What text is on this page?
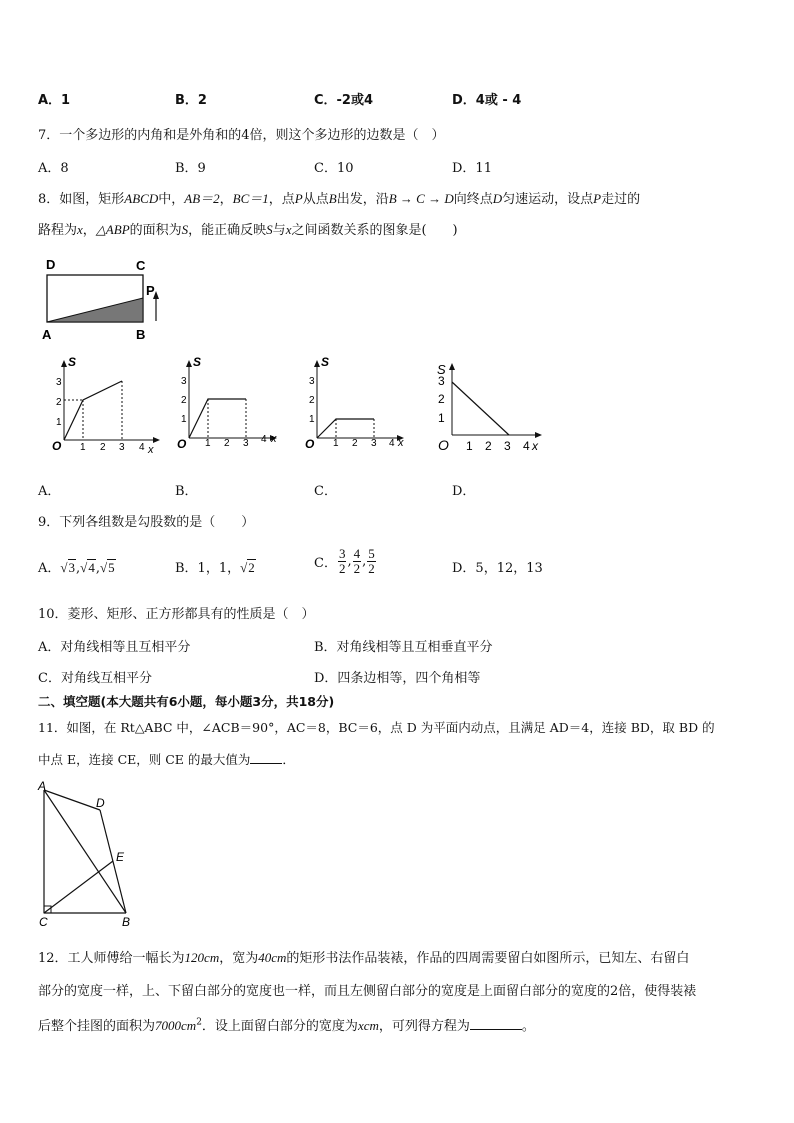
A．1	B．2	C．-2或4	D．4或 - 4
7．一个多边形的内角和是外角和的4倍，则这个多边形的边数是（　）
A．8	B．9	C．10	D．11
8．如图，矩形ABCD中，AB＝2，BC＝1，点P从点B出发，沿B → C → D向终点D匀速运动，设点P走过的
路程为x，△ABP的面积为S，能正确反映S与x之间函数关系的图象是(　　)
D	C
P
A	B
S
O	x
1 2 3 4
1
2
3
S
O	x
1 2 3 4
1
2
3
S
O	x
1 2 3 4
1
2
3
S
O	x
1 2 3 4
1
2
3
A．	B．	C．	D．
9．下列各组数是勾股数的是（　　）
A．√3,√4,√5	B．1，1，√2	C． $\frac{3}{2}$ , $\frac{4}{2}$ , $\frac{5}{2}$	D．5，12，13
10．菱形、矩形、正方形都具有的性质是（　）
A．对角线相等且互相平分	B．对角线相等且互相垂直平分
C．对角线互相平分	D．四条边相等，四个角相等
二、填空题(本大题共有6小题，每小题3分，共18分)
11．如图，在 Rt△ABC 中，∠ACB＝90°，AC＝8，BC＝6，点 D 为平面内动点，且满足 AD＝4，连接 BD，取 BD 的
中点 E，连接 CE，则 CE 的最大值为	．
A
D
E
C	B
12．工人师傅给一幅长为120cm，宽为40cm的矩形书法作品装裱，作品的四周需要留白如图所示，已知左、右留白
部分的宽度一样，上、下留白部分的宽度也一样，而且左侧留白部分的宽度是上面留白部分的宽度的2倍，使得装裱
后整个挂图的面积为$7000cm^2$．设上面留白部分的宽度为xcm，可列得方程为	。
